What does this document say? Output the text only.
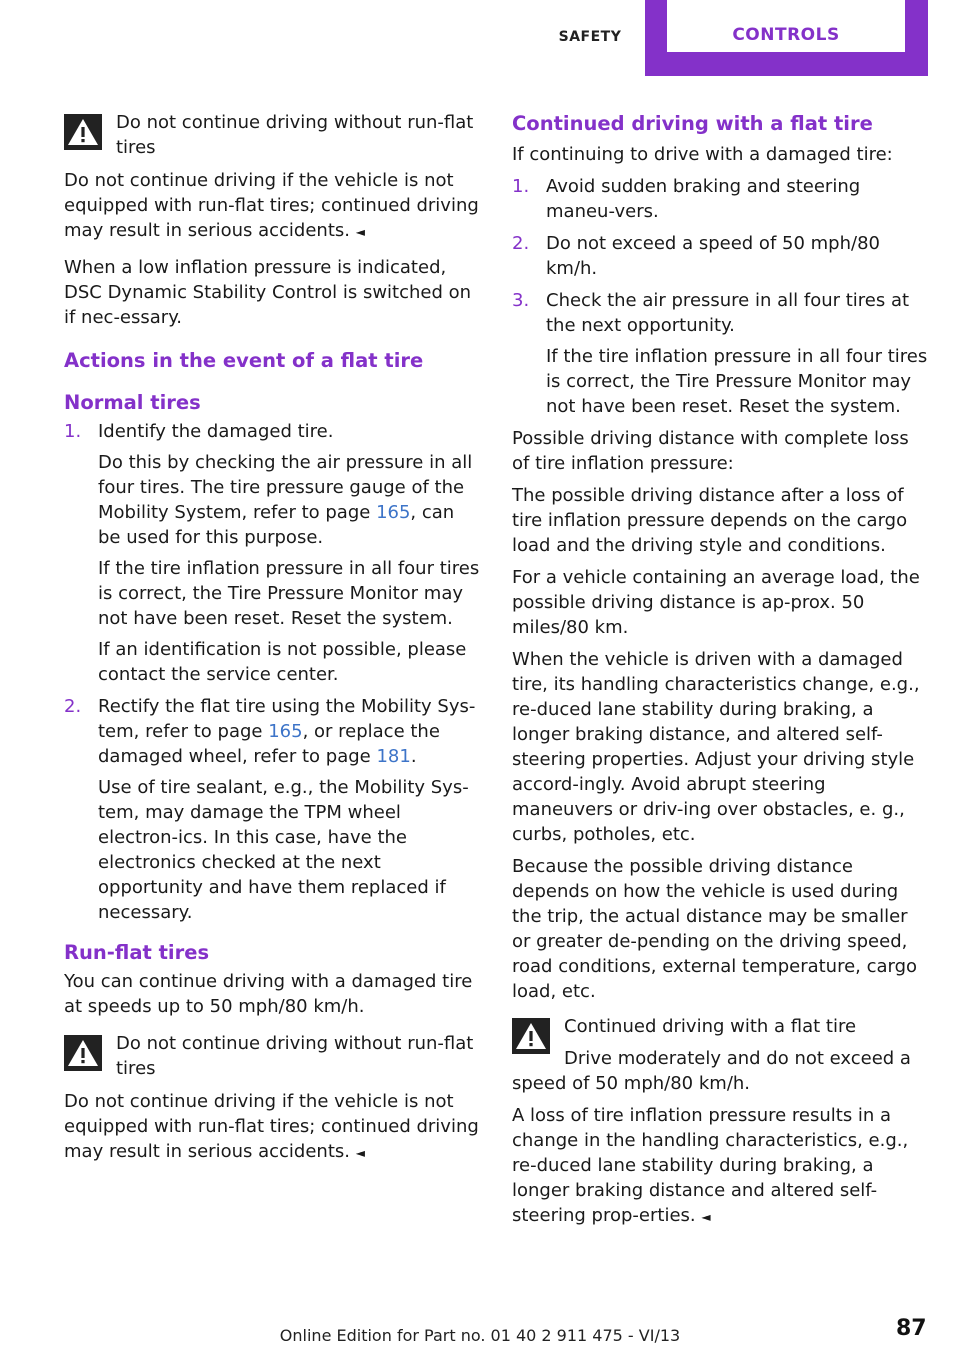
SAFETY	CONTROLS
Do not continue driving without run-flat
tires

Do not continue driving if the vehicle is not equipped with run-flat tires; continued driving may result in serious accidents. ◄

When a low inflation pressure is indicated, DSC Dynamic Stability Control is switched on if nec-essary.

Actions in the event of a flat tire
Normal tires
1. Identify the damaged tire.

Do this by checking the air pressure in all four tires. The tire pressure gauge of the Mobility System, refer to page 165, can be used for this purpose.

If the tire inflation pressure in all four tires is correct, the Tire Pressure Monitor may not have been reset. Reset the system.

If an identification is not possible, please contact the service center.

2. Rectify the flat tire using the Mobility Sys-tem, refer to page 165, or replace the damaged wheel, refer to page 181.

Use of tire sealant, e.g., the Mobility Sys-tem, may damage the TPM wheel electron-ics. In this case, have the electronics checked at the next opportunity and have them replaced if necessary.

Run-flat tires

You can continue driving with a damaged tire at speeds up to 50 mph/80 km/h.

Do not continue driving without run-flat
tires

Do not continue driving if the vehicle is not equipped with run-flat tires; continued driving may result in serious accidents. ◄

Continued driving with a flat tire

If continuing to drive with a damaged tire:

1. Avoid sudden braking and steering maneu-vers.

2. Do not exceed a speed of 50 mph/80 km/h.

3. Check the air pressure in all four tires at the next opportunity.

If the tire inflation pressure in all four tires is correct, the Tire Pressure Monitor may not have been reset. Reset the system.

Possible driving distance with complete loss of tire inflation pressure:

The possible driving distance after a loss of tire inflation pressure depends on the cargo load and the driving style and conditions.

For a vehicle containing an average load, the possible driving distance is ap-prox. 50 miles/80 km.

When the vehicle is driven with a damaged tire, its handling characteristics change, e.g., re-duced lane stability during braking, a longer braking distance, and altered self-steering properties. Adjust your driving style accord-ingly. Avoid abrupt steering maneuvers or driv-ing over obstacles, e. g., curbs, potholes, etc.

Because the possible driving distance depends on how the vehicle is used during the trip, the actual distance may be smaller or greater de-pending on the driving speed, road conditions, external temperature, cargo load, etc.

Continued driving with a flat tire
Drive moderately and do not exceed a

speed of 50 mph/80 km/h.

A loss of tire inflation pressure results in a change in the handling characteristics, e.g., re-duced lane stability during braking, a longer braking distance and altered self-steering prop-erties. ◄

87
Online Edition for Part no. 01 40 2 911 475 - VI/13
